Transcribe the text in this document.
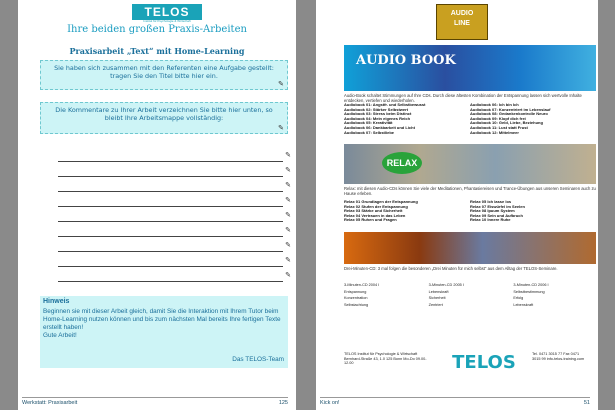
TELOS
Institut für Psychologie & Wirtschaft
Ihre beiden großen Praxis-Arbeiten
Praxisarbeit „Text“ mit Home-Learning
Sie haben sich zusammen mit den Referenten eine Aufgabe gestellt: tragen Sie den Titel bitte hier ein.
✎
Die Kommentare zu Ihrer Arbeit verzeichnen Sie bitte hier unten, so bleibt Ihre Arbeitsmappe vollständig:
✎
✎
✎
✎
✎
✎
✎
✎
✎
✎
Hinweis
Beginnen sie mit dieser Arbeit gleich, damit Sie die Interaktion mit Ihrem Tutor beim Home-Learning nutzen können und bis zum nächsten Mal bereits Ihre fertigen Texte erstellt haben!
Gute Arbeit!
Das TELOS-Team
Werkstatt: Praxisarbeit	125
AUDIO
LINE
AUDIO BOOK
Audio-Book schaltet Stimmungen auf Ihre CDs. Durch diese ältesten Kombination der Entspannung lassen sich wertvolle Inhalte entdecken, vertiefen und wiederholen.
Audiobook 01: Angstfr. und Selbstbewusst	Audiobook 06: Ich bin Ich
Audiobook 02: Stärker Selbstwert	Audiobook 07: Konzentriert im Lebenslauf
Audiobook 03: Stress beim Distinct	Audiobook 08: Gedankenkontrolle Neuro
Audiobook 04: Mein eigenes Reich	Audiobook 09: Klopf dich frei
Audiobook 05: Kreativität	Audiobook 10: Geld, Liebe, Beziehung
Audiobook 06: Dankbarkeit und Licht	Audiobook 11: Lust statt Frust
Audiobook 07: Selbstliebe	Audiobook 12: Mittelmeer
RELAX
Relax: mit diesen Audio-CDs können Sie viele der Meditationen, Phantasiereisen und Trance-Übungen aus unseren Seminaren auch zu Hause erleben.
Relax 01 Grundlagen der Entspannung	Relax 05 Ich lasse los
Relax 02 Stufen der Entspannung	Relax 07 Eiswürfel im Seelen
Relax 03 Stärke und Sicherheit	Relax 08 Ipuum System
Relax 04 Vertrauen in das Leben	Relax 09 Sein und Aufbruch
Relax 05 Ruhen und Fragen	Relax 10 Innere Ruhe
Drei-Minuten-CD: 3 mal folgen die besonderen „Drei Minuten für mich selbst“ aus dem Alltag der TELOS-Seminare.
3-Minuten-CD 2004 I	3-Minuten-CD 2005 I	3-Minuten-CD 2006 I
Entspannung	Lebenskraft	Selbstbestimmung
Konzentration	Sicherheit	Erfolg
Selbstachtung	Zentriert	Lebenskraft
TELOS Institut für Psychologie & Wirtschaft Bernhard-Straße 43, 1.0 125 Bonn Mo-Do 09.00-12.00	TELOS	Tel. 0471 3015 77 Fax 0471 3015 99 info-telos-training.com
Kick on!	51
